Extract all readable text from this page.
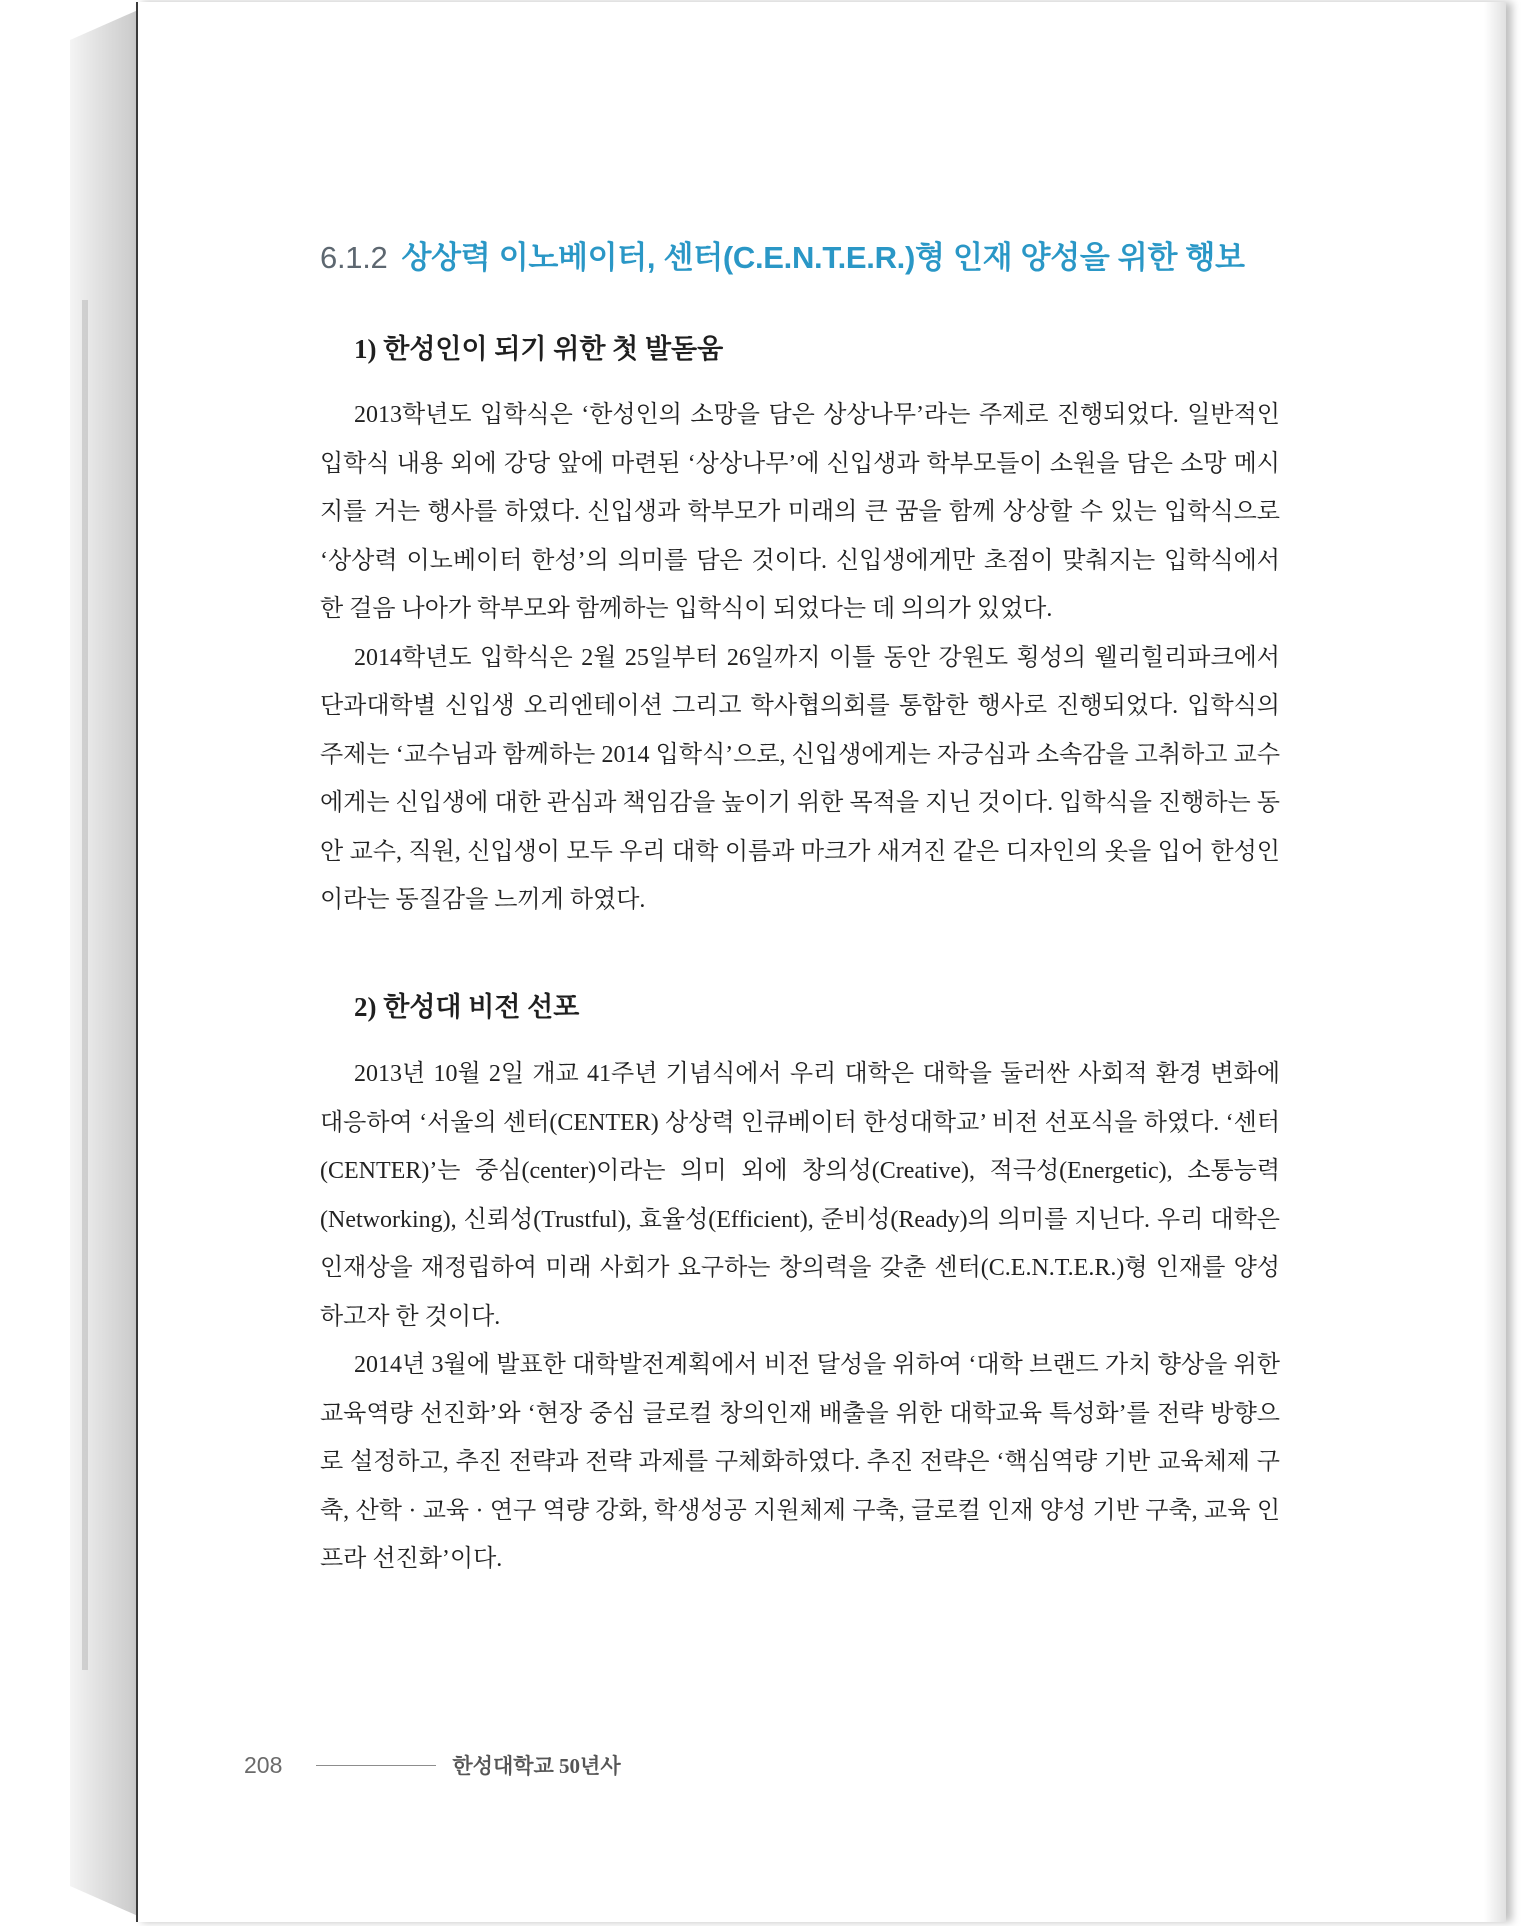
6.1.2 상상력 이노베이터, 센터(C.E.N.T.E.R.)형 인재 양성을 위한 행보
1) 한성인이 되기 위한 첫 발돋움

2013학년도 입학식은 ‘한성인의 소망을 담은 상상나무’라는 주제로 진행되었다. 일반적인 입학식 내용 외에 강당 앞에 마련된 ‘상상나무’에 신입생과 학부모들이 소원을 담은 소망 메시지를 거는 행사를 하였다. 신입생과 학부모가 미래의 큰 꿈을 함께 상상할 수 있는 입학식으로 ‘상상력 이노베이터 한성’의 의미를 담은 것이다. 신입생에게만 초점이 맞춰지는 입학식에서 한 걸음 나아가 학부모와 함께하는 입학식이 되었다는 데 의의가 있었다.

2014학년도 입학식은 2월 25일부터 26일까지 이틀 동안 강원도 횡성의 웰리힐리파크에서 단과대학별 신입생 오리엔테이션 그리고 학사협의회를 통합한 행사로 진행되었다. 입학식의 주제는 ‘교수님과 함께하는 2014 입학식’으로, 신입생에게는 자긍심과 소속감을 고취하고 교수에게는 신입생에 대한 관심과 책임감을 높이기 위한 목적을 지닌 것이다. 입학식을 진행하는 동안 교수, 직원, 신입생이 모두 우리 대학 이름과 마크가 새겨진 같은 디자인의 옷을 입어 한성인이라는 동질감을 느끼게 하였다.

2) 한성대 비전 선포

2013년 10월 2일 개교 41주년 기념식에서 우리 대학은 대학을 둘러싼 사회적 환경 변화에 대응하여 ‘서울의 센터(CENTER) 상상력 인큐베이터 한성대학교’ 비전 선포식을 하였다. ‘센터(CENTER)’는 중심(center)이라는 의미 외에 창의성(Creative), 적극성(Energetic), 소통능력(Networking), 신뢰성(Trustful), 효율성(Efficient), 준비성(Ready)의 의미를 지닌다. 우리 대학은 인재상을 재정립하여 미래 사회가 요구하는 창의력을 갖춘 센터(C.E.N.T.E.R.)형 인재를 양성하고자 한 것이다.

2014년 3월에 발표한 대학발전계획에서 비전 달성을 위하여 ‘대학 브랜드 가치 향상을 위한 교육역량 선진화’와 ‘현장 중심 글로컬 창의인재 배출을 위한 대학교육 특성화’를 전략 방향으로 설정하고, 추진 전략과 전략 과제를 구체화하였다. 추진 전략은 ‘핵심역량 기반 교육체제 구축, 산학 · 교육 · 연구 역량 강화, 학생성공 지원체제 구축, 글로컬 인재 양성 기반 구축, 교육 인프라 선진화’이다.

208	한성대학교 50년사
